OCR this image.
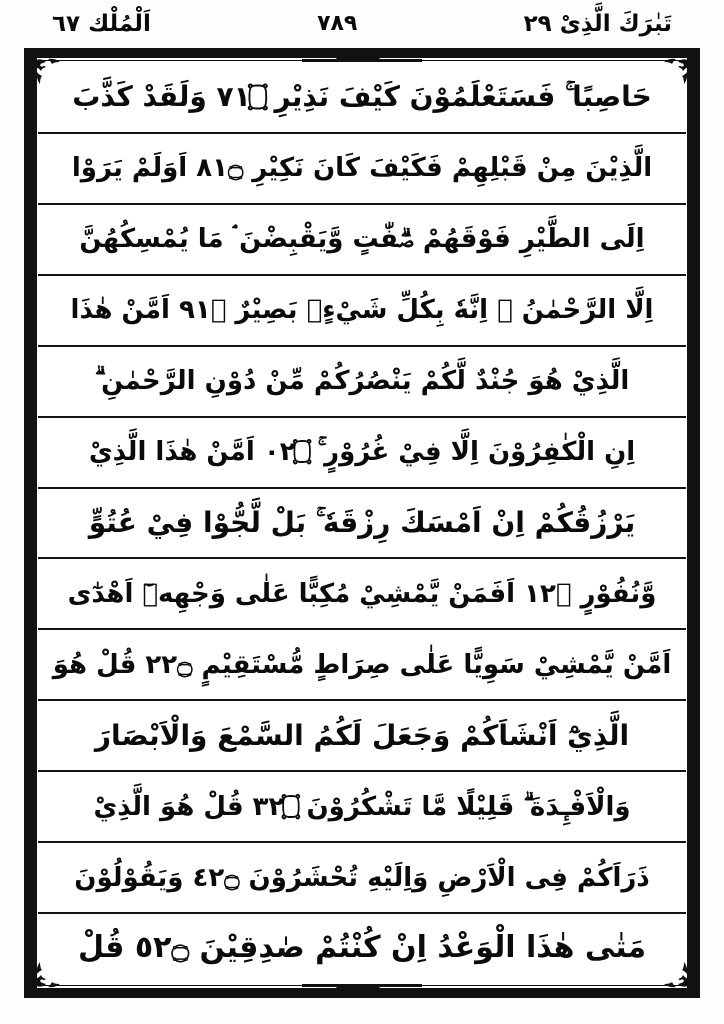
تَبٰرَكَ الَّذِىْ ٢٩
٧٨٩
اَلْمُلْك ٦٧
حَاصِبًا ۚ فَسَتَعْلَمُوْنَ كَيْفَ نَذِيْرِ ۝١٧ وَلَقَدْ كَذَّبَ
الَّذِيْنَ مِنْ قَبْلِهِمْ فَكَيْفَ كَانَ نَكِيْرِ ۝١٨ اَوَلَمْ يَرَوْا
اِلَى الطَّيْرِ فَوْقَهُمْ صٰۗفّٰتٍ وَّيَقْبِضْنَ ۘ مَا يُمْسِكُهُنَّ
اِلَّا الرَّحْمٰنُ ۗ اِنَّهٗ بِكُلِّ شَيْءٍۢ بَصِيْرٌ ۝١٩ اَمَّنْ هٰذَا
الَّذِيْ هُوَ جُنْدٌ لَّكُمْ يَنْصُرُكُمْ مِّنْ دُوْنِ الرَّحْمٰنِ ۗ
اِنِ الْكٰفِرُوْنَ اِلَّا فِيْ غُرُوْرٍ ۚ ۝٢٠ اَمَّنْ هٰذَا الَّذِيْ
يَرْزُقُكُمْ اِنْ اَمْسَكَ رِزْقَهٗ ۚ بَلْ لَّجُّوْا فِيْ عُتُوٍّ
وَّنُفُوْرٍ ۝٢١ اَفَمَنْ يَّمْشِيْ مُكِبًّا عَلٰى وَجْهِهٖٓ اَهْدٰٓى
اَمَّنْ يَّمْشِيْ سَوِيًّا عَلٰى صِرَاطٍ مُّسْتَقِيْمٍ ۝٢٢ قُلْ هُوَ
الَّذِيْٓ اَنْشَاَكُمْ وَجَعَلَ لَكُمُ السَّمْعَ وَالْاَبْصَارَ
وَالْاَفْـِٕدَةَ ۗ قَلِيْلًا مَّا تَشْكُرُوْنَ ۝٢٣ قُلْ هُوَ الَّذِيْ
ذَرَاَكُمْ فِى الْاَرْضِ وَاِلَيْهِ تُحْشَرُوْنَ ۝٢٤ وَيَقُوْلُوْنَ
مَتٰى هٰذَا الْوَعْدُ اِنْ كُنْتُمْ صٰدِقِيْنَ ۝٢٥ قُلْ
